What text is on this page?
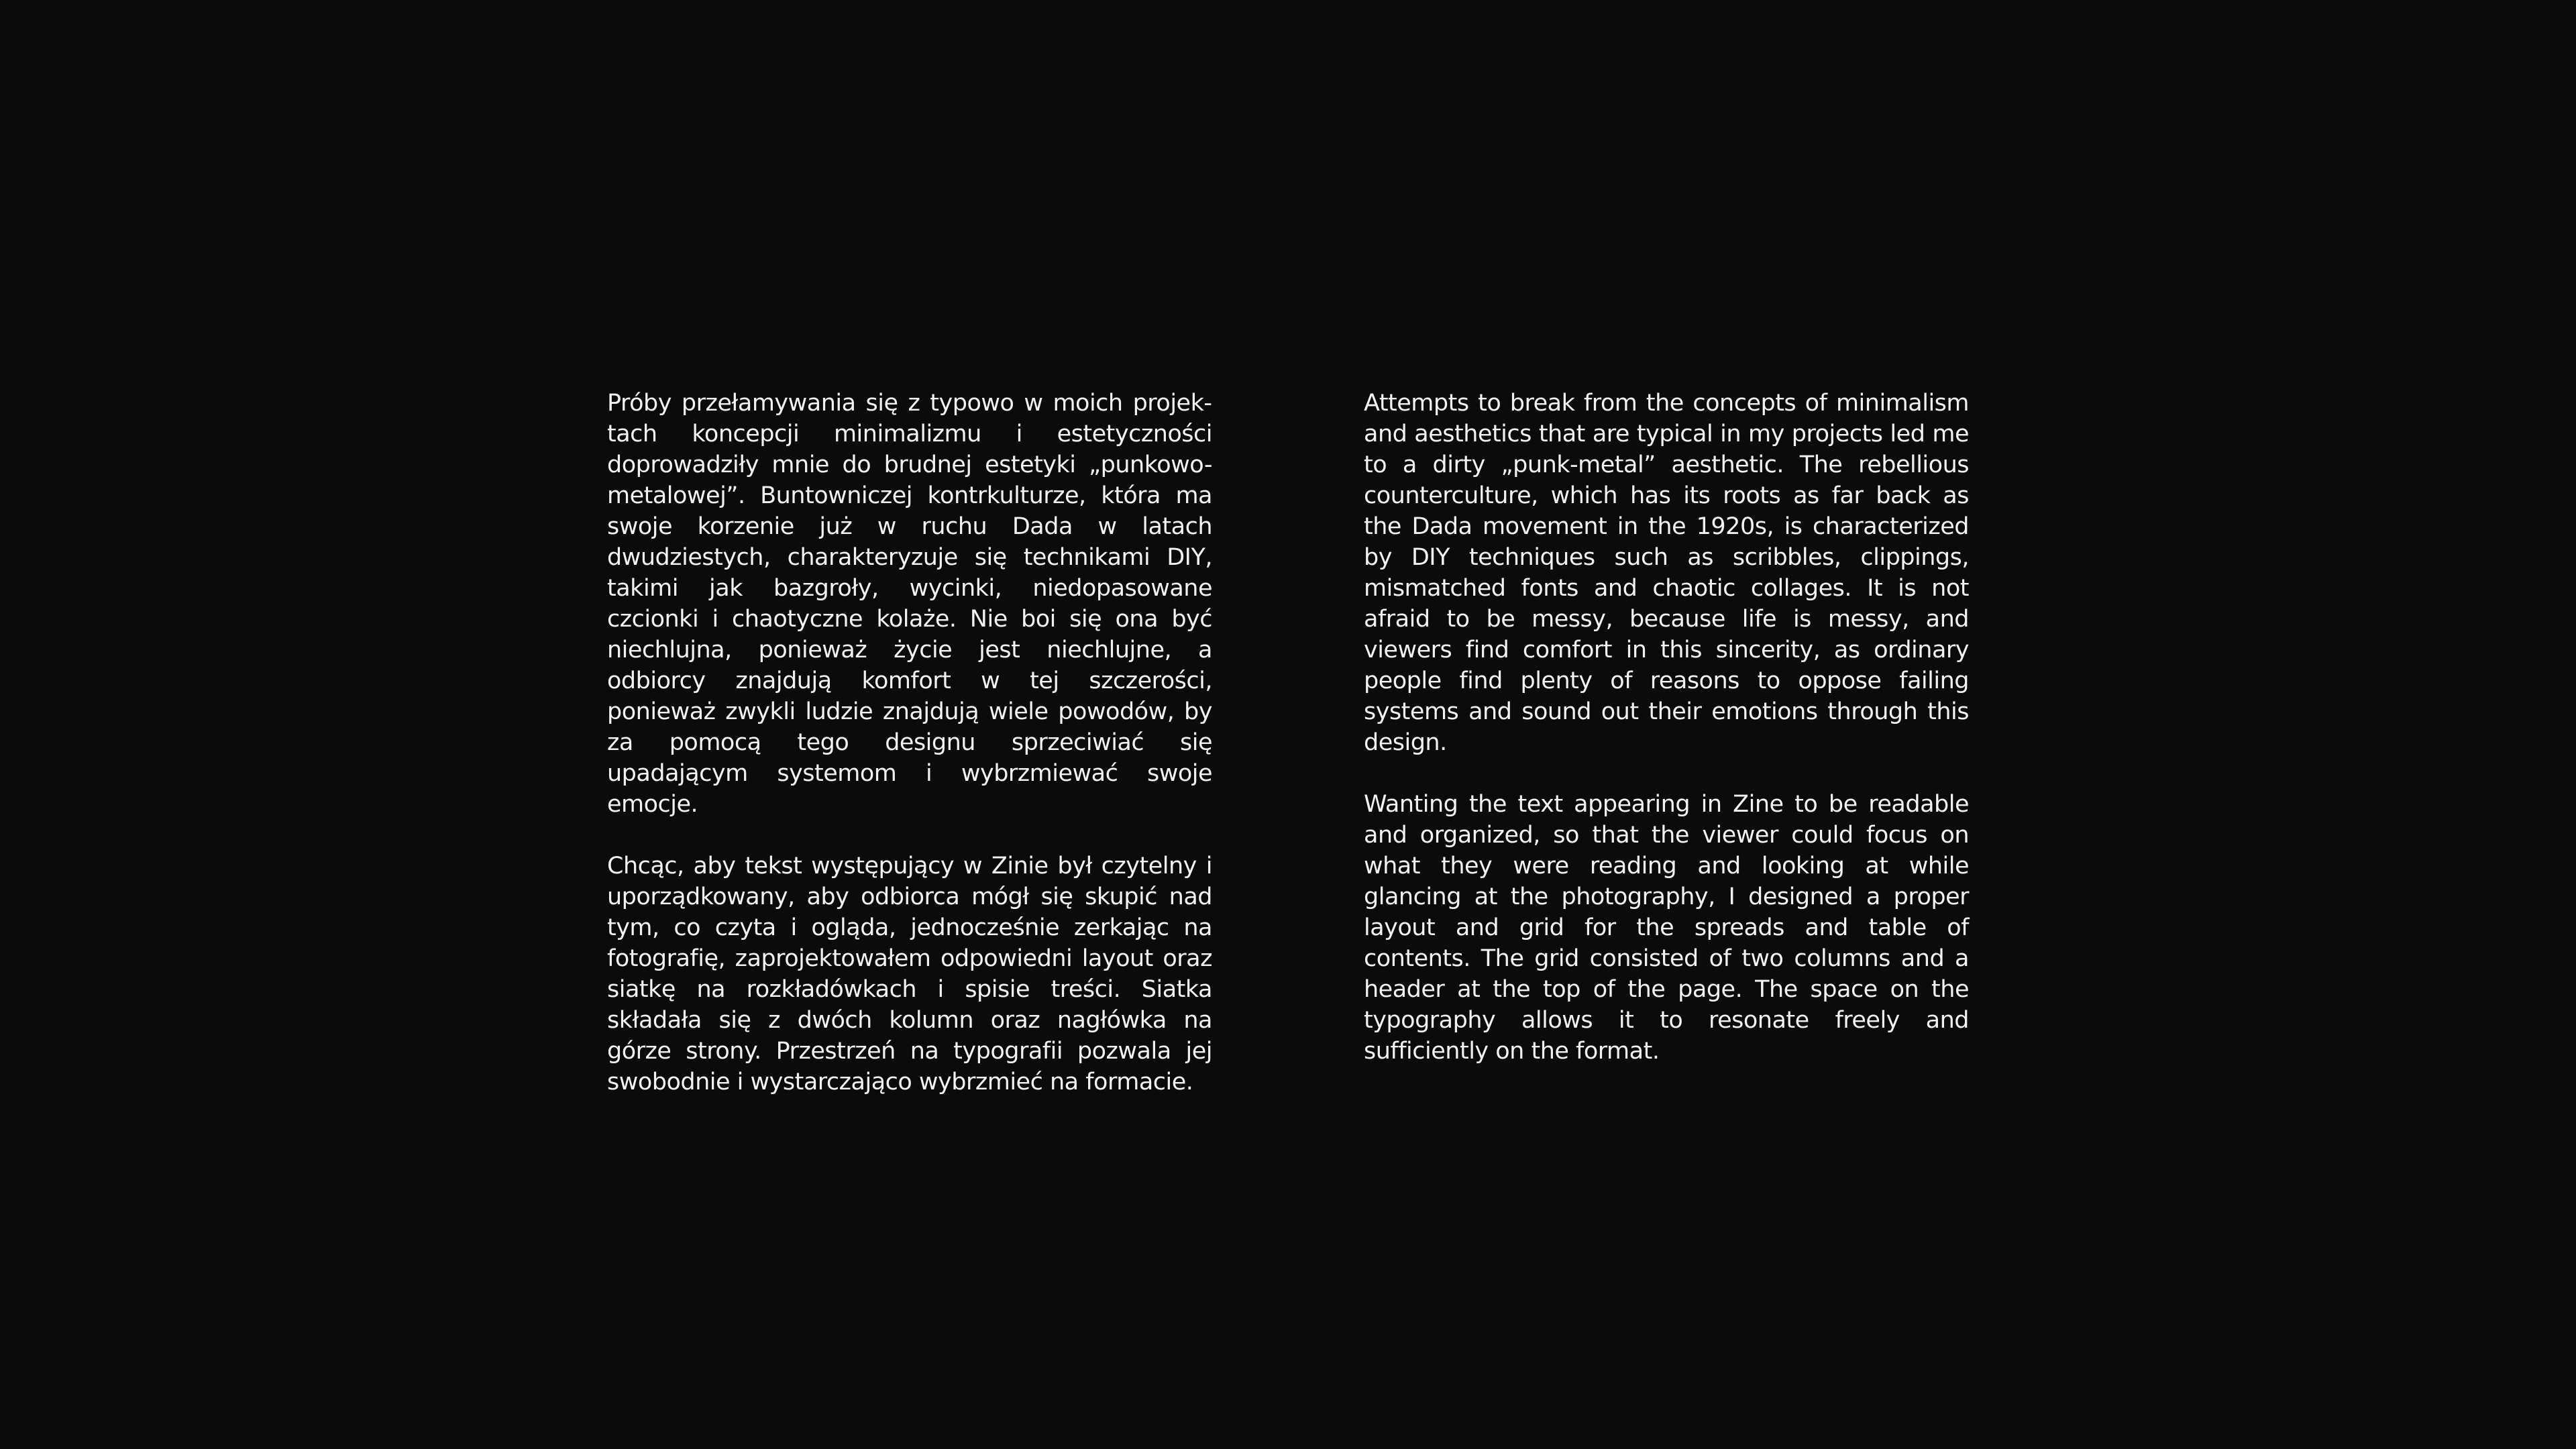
Próby przełamywania się z typowo w moich projektach koncepcji minimalizmu i estetyczności doprowadziły mnie do brudnej estetyki „punkowo-metalowej”. Buntowniczej kontrkulturze, która ma swoje korzenie już w ruchu Dada w latach dwudziestych, charakteryzuje się technikami DIY, takimi jak bazgroły, wycinki, niedopasowane czcionki i chaotyczne kolaże. Nie boi się ona być niechlujna, ponieważ życie jest niechlujne, a odbiorcy znajdują komfort w tej szczerości, ponieważ zwykli ludzie znajdują wiele powodów, by za pomocą tego designu sprzeciwiać się upadającym systemom i wybrzmiewać swoje emocje.

Chcąc, aby tekst występujący w Zinie był czytelny i uporządkowany, aby odbiorca mógł się skupić nad tym, co czyta i ogląda, jednocześnie zerkając na fotografię, zaprojektowałem odpowiedni layout oraz siatkę na rozkładówkach i spisie treści. Siatka składała się z dwóch kolumn oraz nagłówka na górze strony. Przestrzeń na typografii pozwala jej swobodnie i wystarczająco wybrzmieć na formacie.

Attempts to break from the concepts of minimalism and aesthetics that are typical in my projects led me to a dirty „punk-metal” aesthetic. The rebellious counterculture, which has its roots as far back as the Dada movement in the 1920s, is characterized by DIY techniques such as scribbles, clippings, mismatched fonts and chaotic collages. It is not afraid to be messy, because life is messy, and viewers find comfort in this sincerity, as ordinary people find plenty of reasons to oppose failing systems and sound out their emotions through this design.

Wanting the text appearing in Zine to be readable and organized, so that the viewer could focus on what they were reading and looking at while glancing at the photography, I designed a proper layout and grid for the spreads and table of contents. The grid consisted of two columns and a header at the top of the page. The space on the typography allows it to resonate freely and sufficiently on the format.
